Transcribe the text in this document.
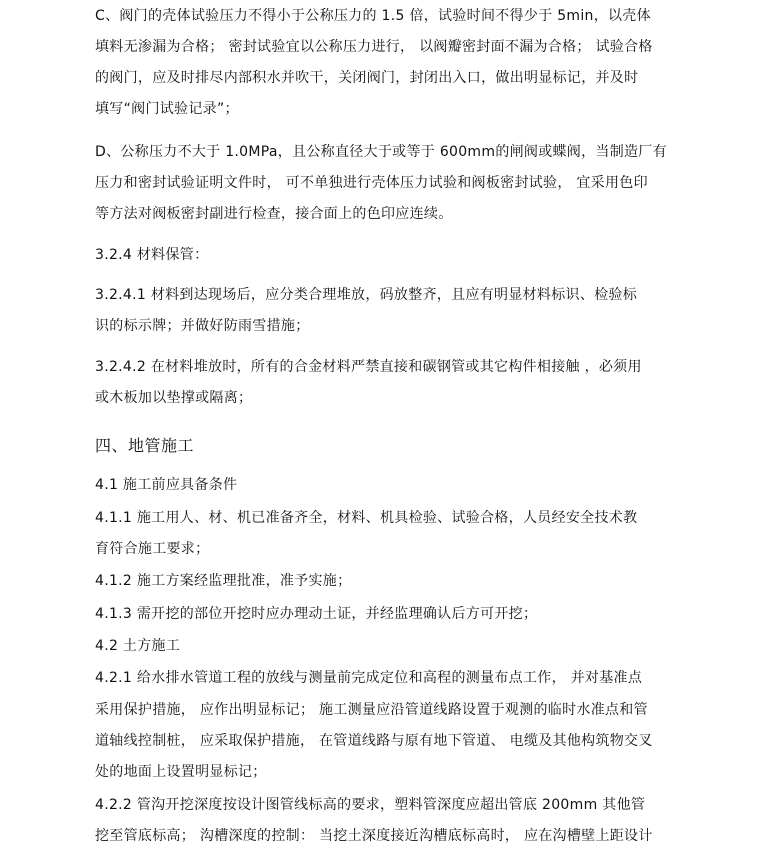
C、阀门的壳体试验压力不得小于公称压力的 1.5 倍，试验时间不得少于 5min，以壳体
填料无渗漏为合格； 密封试验宜以公称压力进行， 以阀瓣密封面不漏为合格； 试验合格
的阀门，应及时排尽内部积水并吹干，关闭阀门，封闭出入口，做出明显标记，并及时
填写“阀门试验记录”；
D、公称压力不大于 1.0MPa，且公称直径大于或等于 600mm的闸阀或蝶阀，当制造厂有
压力和密封试验证明文件时， 可不单独进行壳体压力试验和阀板密封试验， 宜采用色印
等方法对阀板密封副进行检查，接合面上的色印应连续。
3.2.4 材料保管：
3.2.4.1 材料到达现场后，应分类合理堆放，码放整齐，且应有明显材料标识、检验标
识的标示牌；并做好防雨雪措施；
3.2.4.2 在材料堆放时，所有的合金材料严禁直接和碳钢管或其它构件相接触 ，必须用
或木板加以垫撑或隔离；
四、地管施工
4.1 施工前应具备条件
4.1.1 施工用人、材、机已准备齐全，材料、机具检验、试验合格，人员经安全技术教
育符合施工要求；
4.1.2 施工方案经监理批准，准予实施；
4.1.3 需开挖的部位开挖时应办理动土证，并经监理确认后方可开挖；
4.2 土方施工
4.2.1 给水排水管道工程的放线与测量前完成定位和高程的测量布点工作， 并对基准点
采用保护措施， 应作出明显标记； 施工测量应沿管道线路设置于观测的临时水准点和管
道轴线控制桩， 应采取保护措施， 在管道线路与原有地下管道、 电缆及其他构筑物交叉
处的地面上设置明显标记；
4.2.2 管沟开挖深度按设计图管线标高的要求，塑料管深度应超出管底 200mm 其他管
挖至管底标高； 沟槽深度的控制： 当挖土深度接近沟槽底标高时， 应在沟槽壁上距设计
